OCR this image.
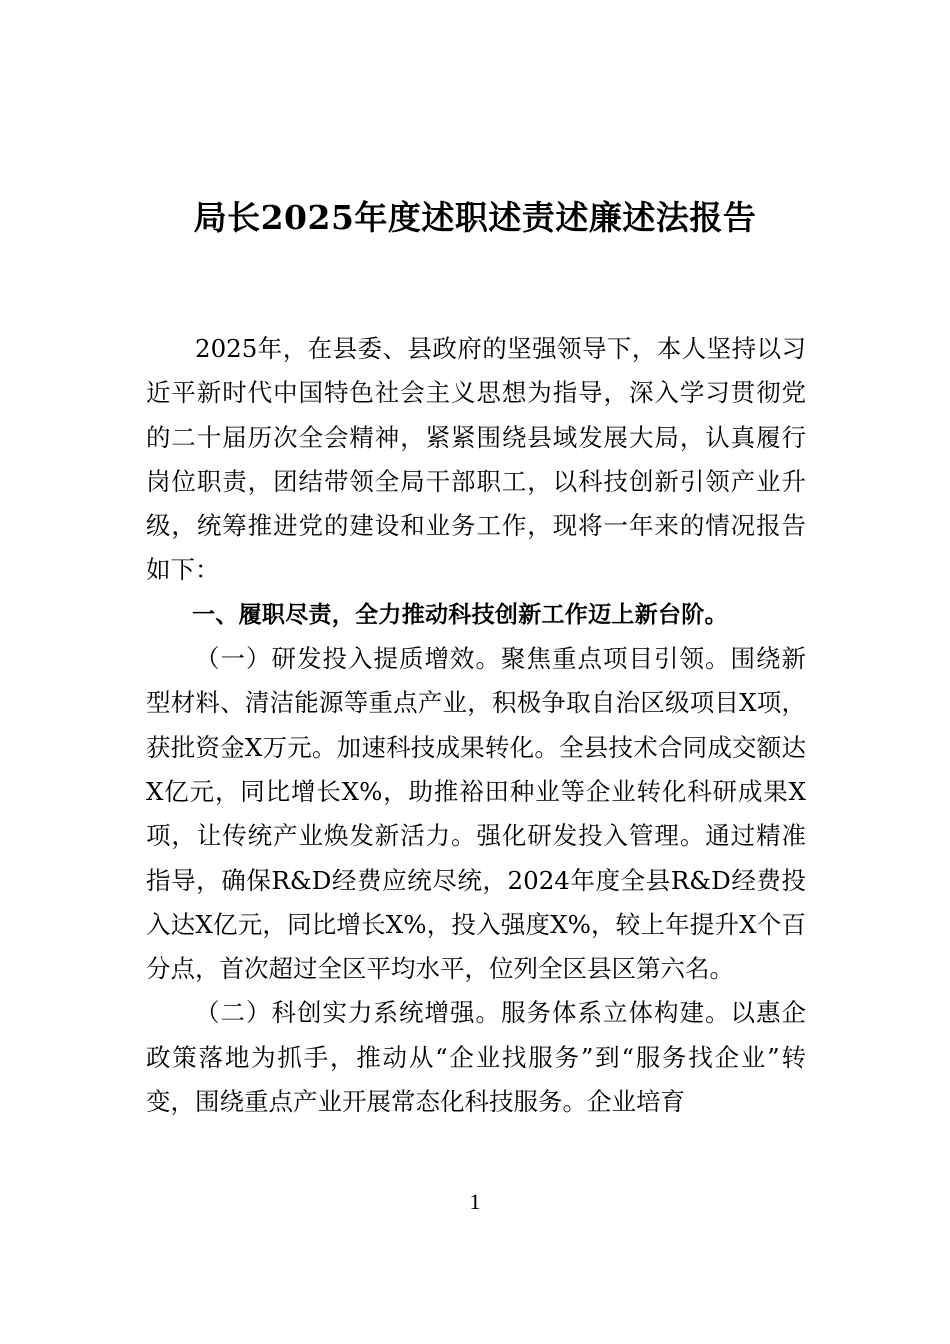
局长2025年度述职述责述廉述法报告

2025年，在县委、县政府的坚强领导下，本人坚持以习近平新时代中国特色社会主义思想为指导，深入学习贯彻党的二十届历次全会精神，紧紧围绕县域发展大局，认真履行岗位职责，团结带领全局干部职工，以科技创新引领产业升级，统筹推进党的建设和业务工作，现将一年来的情况报告如下：

一、履职尽责，全力推动科技创新工作迈上新台阶。

（一）研发投入提质增效。聚焦重点项目引领。围绕新型材料、清洁能源等重点产业，积极争取自治区级项目X项，获批资金X万元。加速科技成果转化。全县技术合同成交额达X亿元，同比增长X%，助推裕田种业等企业转化科研成果X项，让传统产业焕发新活力。强化研发投入管理。通过精准指导，确保R&D经费应统尽统，2024年度全县R&D经费投入达X亿元，同比增长X%，投入强度X%，较上年提升X个百分点，首次超过全区平均水平，位列全区县区第六名。

（二）科创实力系统增强。服务体系立体构建。以惠企政策落地为抓手，推动从“企业找服务”到“服务找企业”转变，围绕重点产业开展常态化科技服务。企业培育

1
